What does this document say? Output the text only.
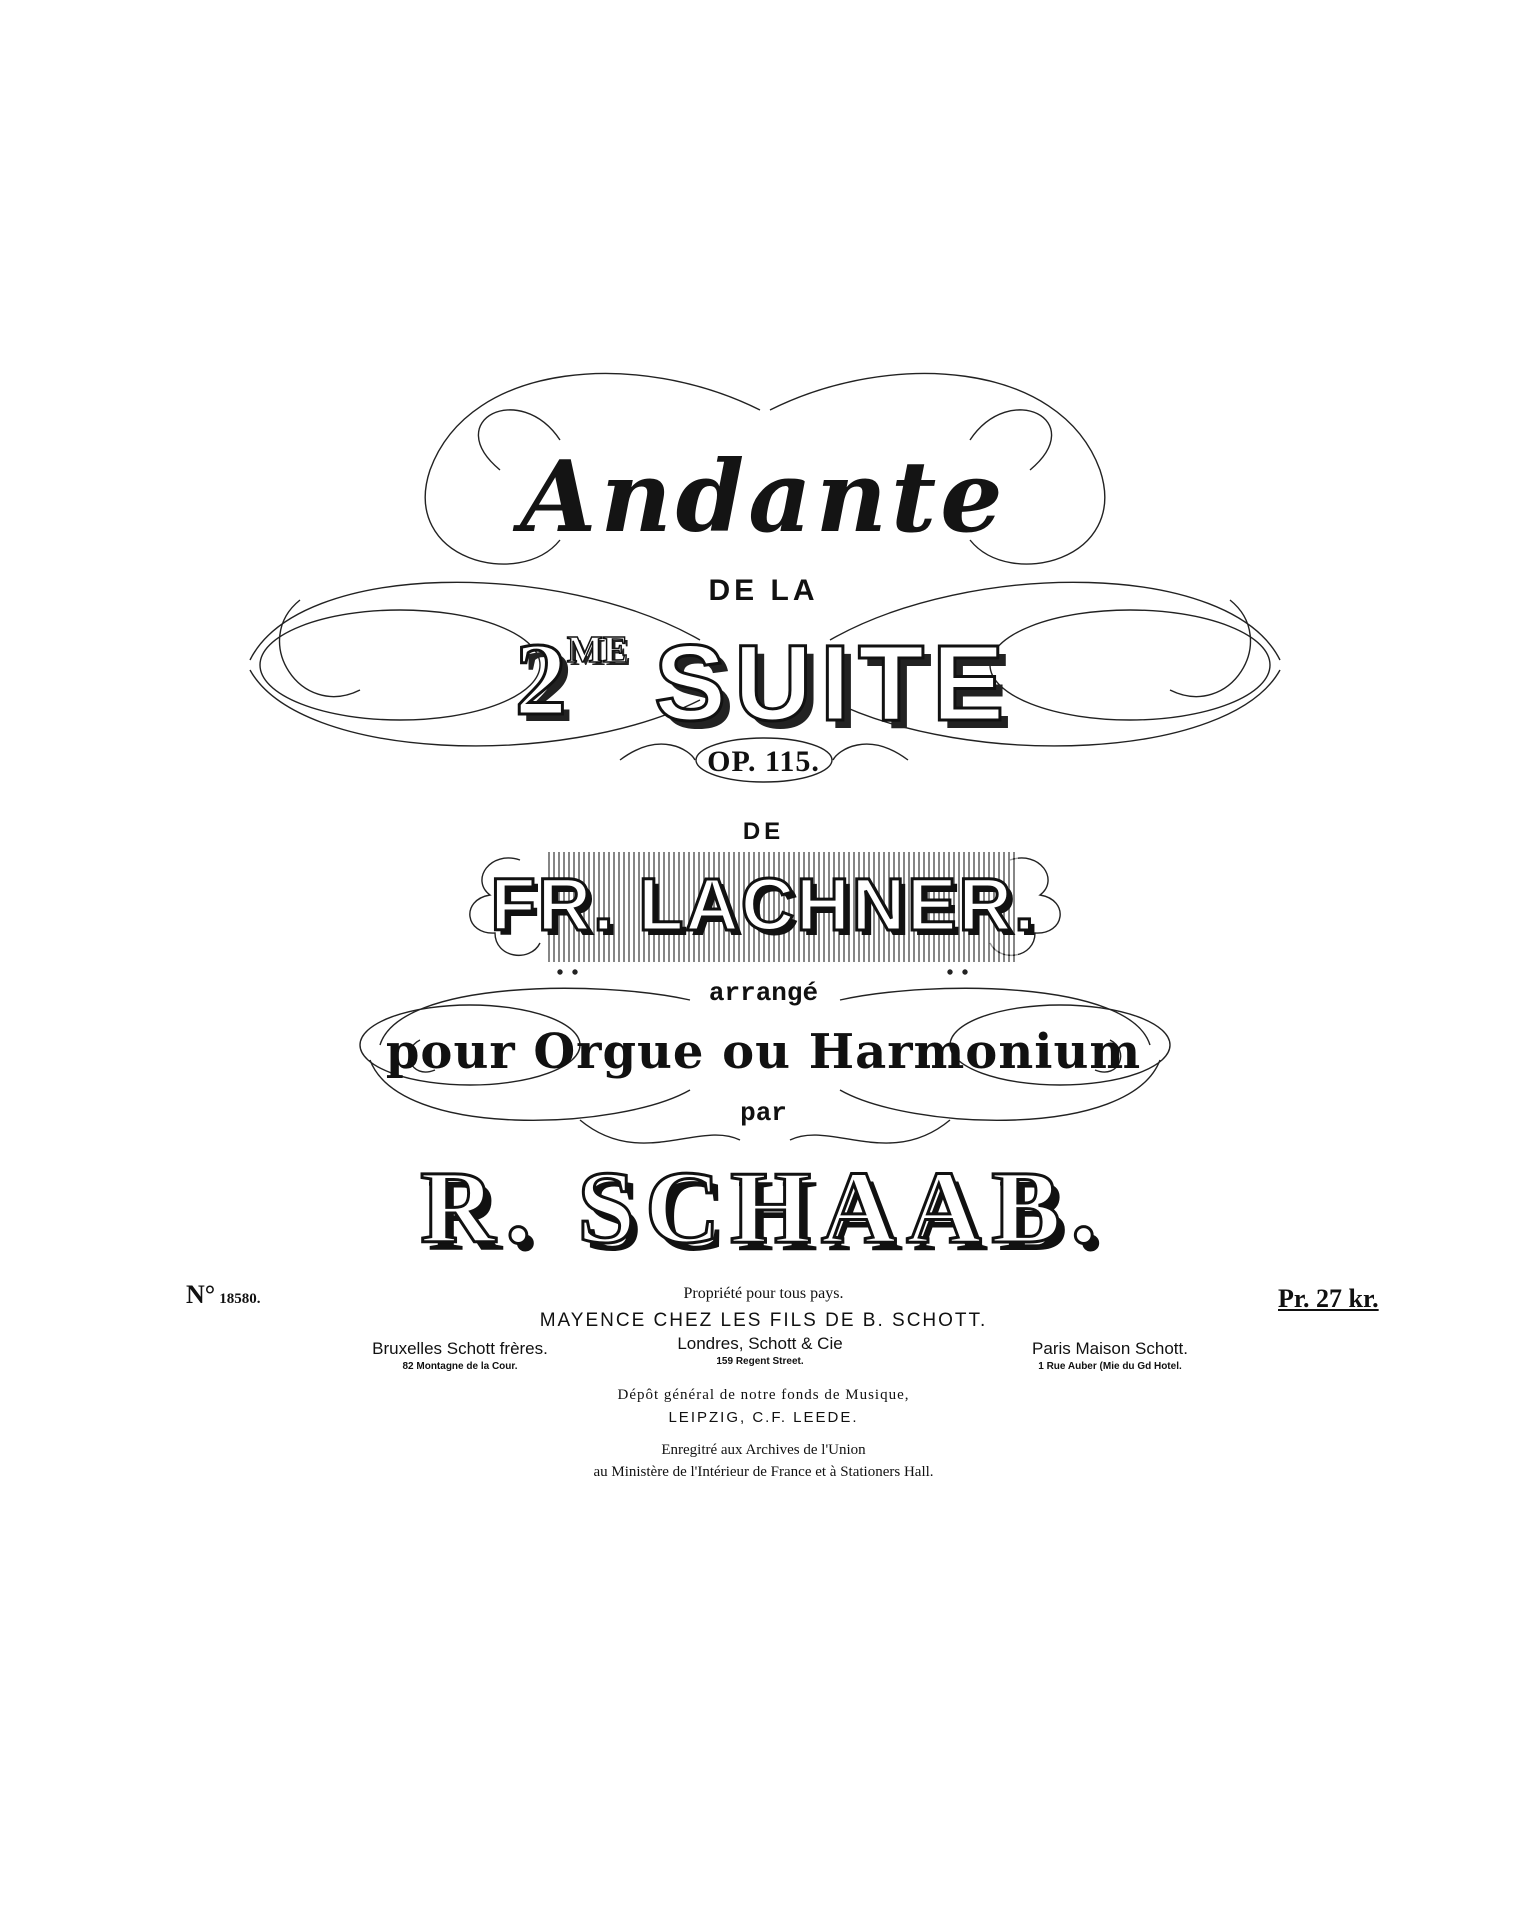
Andante
DE LA
$2^{ME}$ SUITE
OP. 115.
DE
FR. LACHNER.
arrangé
pour Orgue ou Harmonium
par
R. SCHAAB.
N° 18580.	Pr. 27 kr.
Propriété pour tous pays.
MAYENCE CHEZ LES FILS DE B. SCHOTT.
Bruxelles Schott frères.
82 Montagne de la Cour.
Londres, Schott & Cie
159 Regent Street.
Paris Maison Schott.
1 Rue Auber (Mie du Gd Hotel.
Dépôt général de notre fonds de Musique,
LEIPZIG, C.F. LEEDE.
Enregitré aux Archives de l'Union
au Ministère de l'Intérieur de France et à Stationers Hall.
